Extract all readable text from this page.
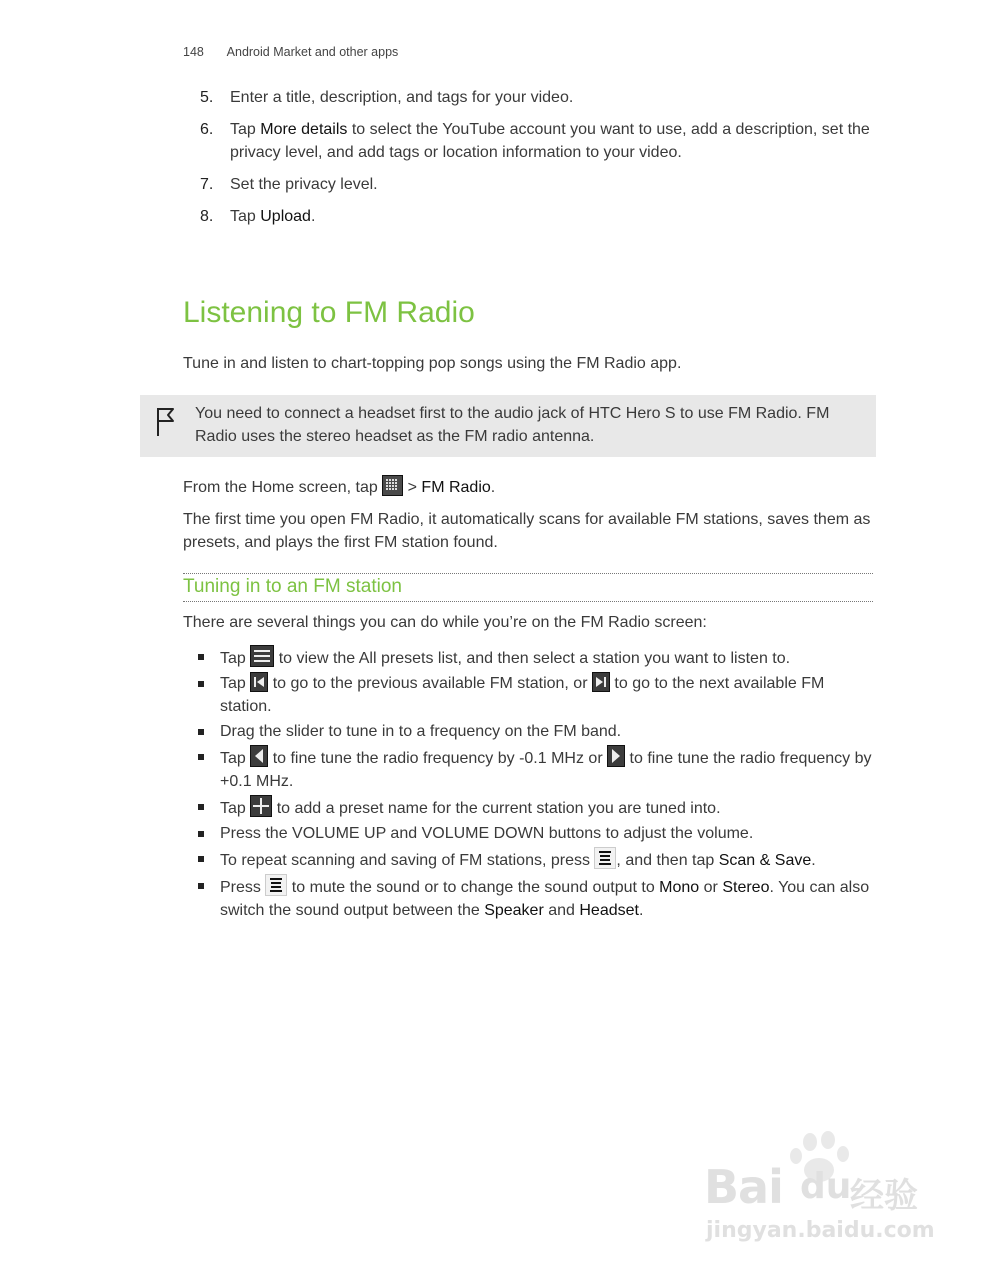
148 Android Market and other apps
5.	Enter a title, description, and tags for your video.
6.	Tap More details to select the YouTube account you want to use, add a description, set the privacy level, and add tags or location information to your video.
7.	Set the privacy level.
8.	Tap Upload.
Listening to FM Radio

Tune in and listen to chart-topping pop songs using the FM Radio app.

You need to connect a headset first to the audio jack of HTC Hero S to use FM Radio. FM Radio uses the stereo headset as the FM radio antenna.

From the Home screen, tap
> FM Radio.

The first time you open FM Radio, it automatically scans for available FM stations, saves them as presets, and plays the first FM station found.

Tuning in to an FM station

There are several things you can do while you’re on the FM Radio screen:

Tap
to view the All presets list, and then select a station you want to listen to.
Tap
to go to the previous available FM station, or
to go to the next available FM station.
Drag the slider to tune in to a frequency on the FM band.
Tap
to fine tune the radio frequency by -0.1 MHz or
to fine tune the radio frequency by +0.1 MHz.
Tap
to add a preset name for the current station you are tuned into.
Press the VOLUME UP and VOLUME DOWN buttons to adjust the volume.
To repeat scanning and saving of FM stations, press
, and then tap Scan & Save.
Press
to mute the sound or to change the sound output to Mono or Stereo. You can also switch the sound output between the Speaker and Headset.
Bai du
经验
jingyan.baidu.com
